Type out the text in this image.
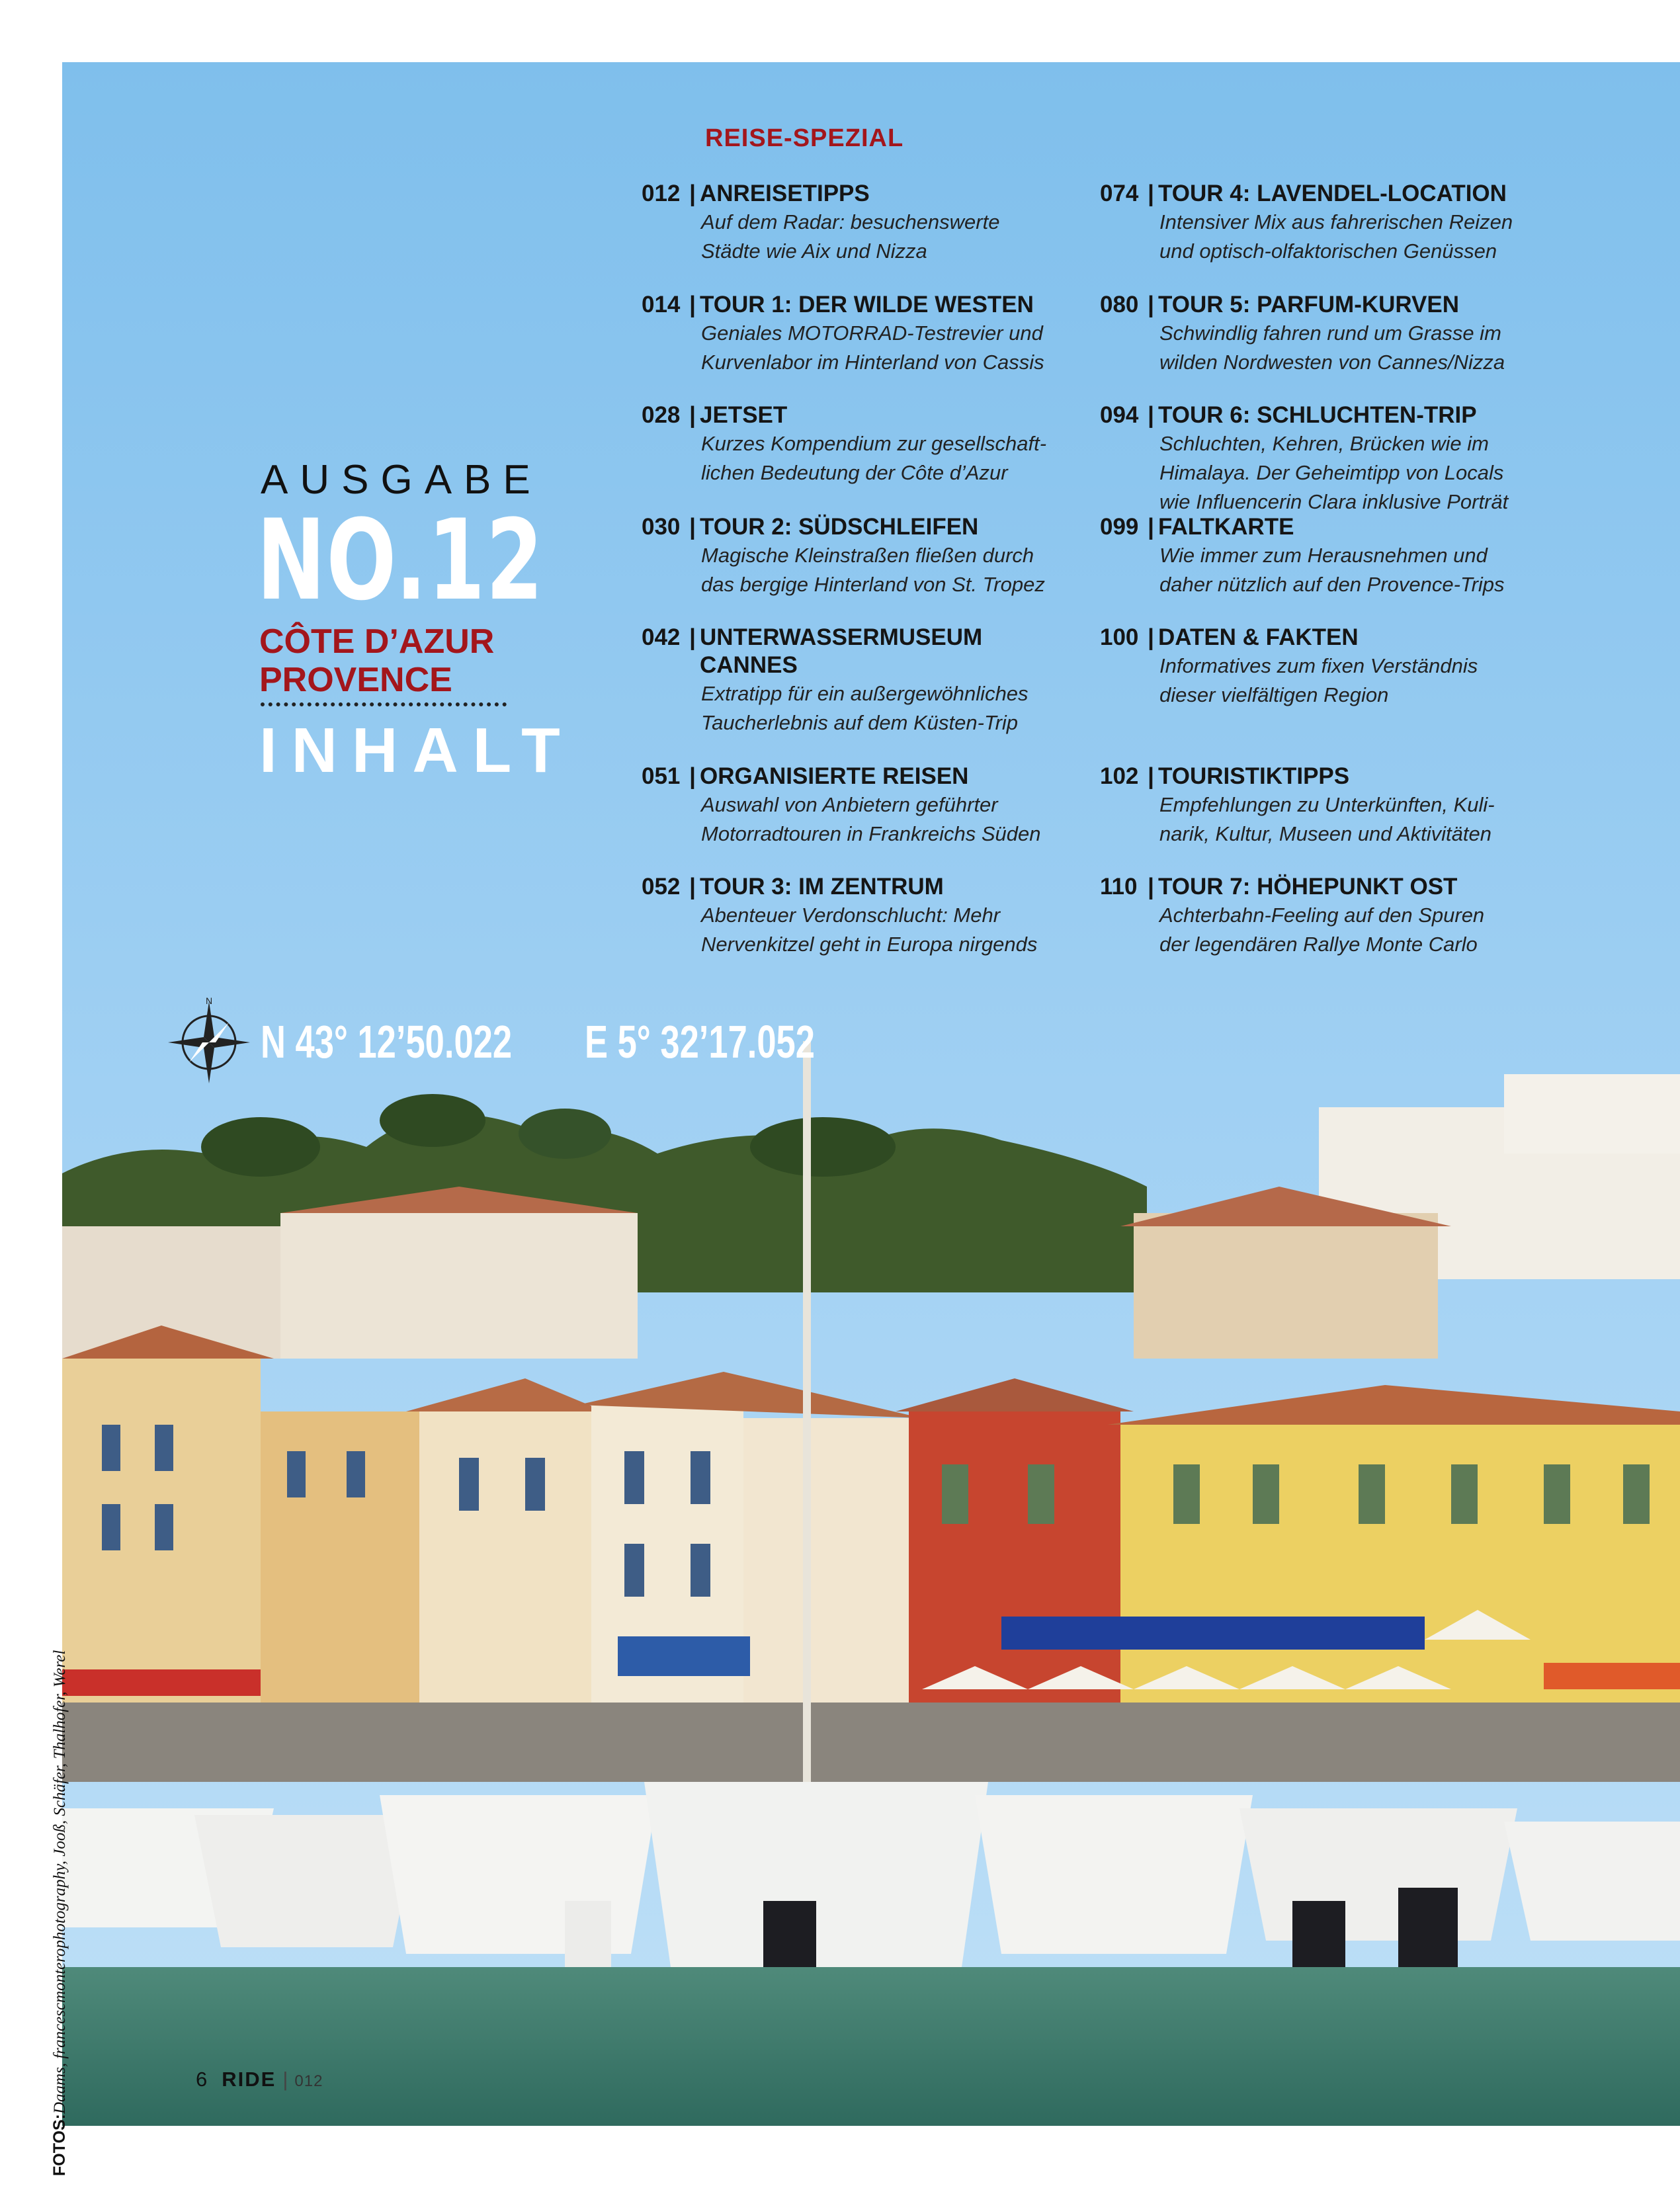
REISE-SPEZIAL
012 | ANREISETIPPS
Auf dem Radar: besuchenswerte
Städte wie Aix und Nizza
014 | TOUR 1: DER WILDE WESTEN
Geniales MOTORRAD-Testrevier und
Kurvenlabor im Hinterland von Cassis
028 | JETSET
Kurzes Kompendium zur gesellschaft-
lichen Bedeutung der Côte d’Azur
030 | TOUR 2: SÜDSCHLEIFEN
Magische Kleinstraßen fließen durch
das bergige Hinterland von St. Tropez
042 | UNTERWASSERMUSEUM CANNES
Extratipp für ein außergewöhnliches
Taucherlebnis auf dem Küsten-Trip
051 | ORGANISIERTE REISEN
Auswahl von Anbietern geführter
Motorradtouren in Frankreichs Süden
052 | TOUR 3: IM ZENTRUM
Abenteuer Verdonschlucht: Mehr
Nervenkitzel geht in Europa nirgends
074 | TOUR 4: LAVENDEL-LOCATION
Intensiver Mix aus fahrerischen Reizen
und optisch-olfaktorischen Genüssen
080 | TOUR 5: PARFUM-KURVEN
Schwindlig fahren rund um Grasse im
wilden Nordwesten von Cannes/Nizza
094 | TOUR 6: SCHLUCHTEN-TRIP
Schluchten, Kehren, Brücken wie im
Himalaya. Der Geheimtipp von Locals
wie Influencerin Clara inklusive Porträt
099 | FALTKARTE
Wie immer zum Herausnehmen und
daher nützlich auf den Provence-Trips
100 | DATEN & FAKTEN
Informatives zum fixen Verständnis
dieser vielfältigen Region
102 | TOURISTIKTIPPS
Empfehlungen zu Unterkünften, Kuli-
narik, Kultur, Museen und Aktivitäten
110 | TOUR 7: HÖHEPUNKT OST
Achterbahn-Feeling auf den Spuren
der legendären Rallye Monte Carlo
AUSGABE
NO.12
CÔTE D’AZUR
PROVENCE
INHALT
N
N 43° 12’50.022 E 5° 32’17.052
FOTOS:Daams, francescmonterophotography, Jooß, Schäfer, Thalhofer, Werel	6 RIDE | 012
